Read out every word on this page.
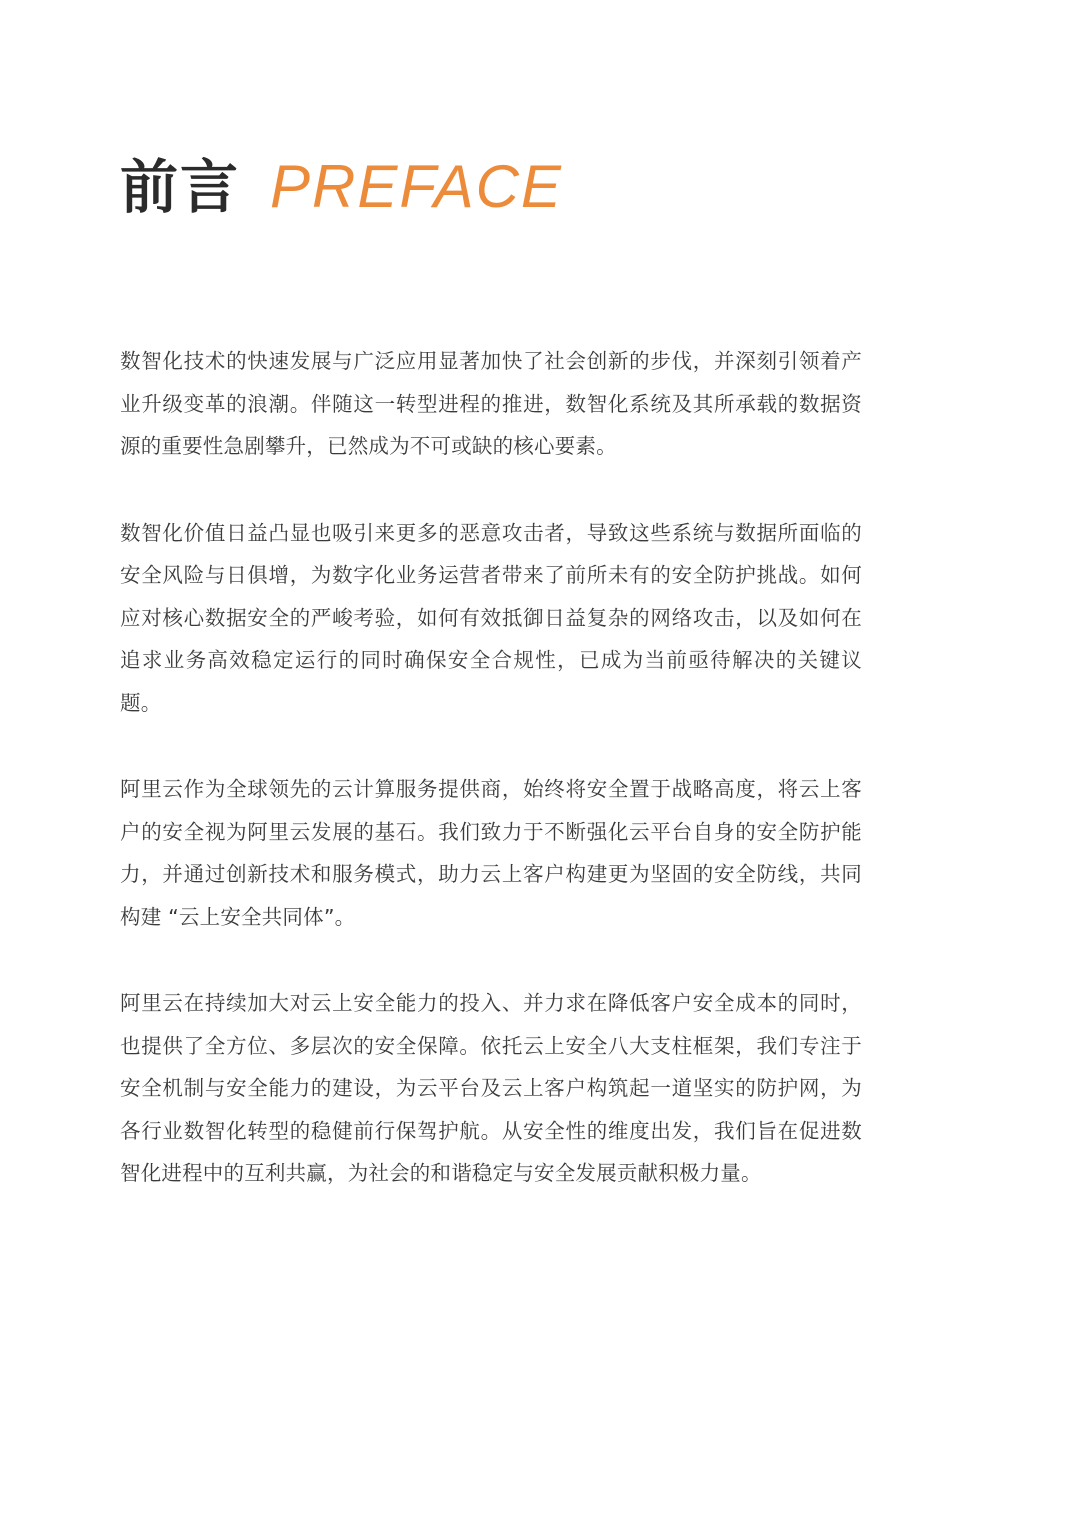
前言 PREFACE

数智化技术的快速发展与广泛应用显著加快了社会创新的步伐，并深刻引领着产业升级变革的浪潮。伴随这一转型进程的推进，数智化系统及其所承载的数据资源的重要性急剧攀升，已然成为不可或缺的核心要素。

数智化价值日益凸显也吸引来更多的恶意攻击者，导致这些系统与数据所面临的安全风险与日俱增，为数字化业务运营者带来了前所未有的安全防护挑战。如何应对核心数据安全的严峻考验，如何有效抵御日益复杂的网络攻击，以及如何在追求业务高效稳定运行的同时确保安全合规性，已成为当前亟待解决的关键议题。

阿里云作为全球领先的云计算服务提供商，始终将安全置于战略高度，将云上客户的安全视为阿里云发展的基石。我们致力于不断强化云平台自身的安全防护能力，并通过创新技术和服务模式，助力云上客户构建更为坚固的安全防线，共同构建 “云上安全共同体”。

阿里云在持续加大对云上安全能力的投入、并力求在降低客户安全成本的同时，也提供了全方位、多层次的安全保障。依托云上安全八大支柱框架，我们专注于安全机制与安全能力的建设，为云平台及云上客户构筑起一道坚实的防护网，为各行业数智化转型的稳健前行保驾护航。从安全性的维度出发，我们旨在促进数智化进程中的互利共赢，为社会的和谐稳定与安全发展贡献积极力量。
